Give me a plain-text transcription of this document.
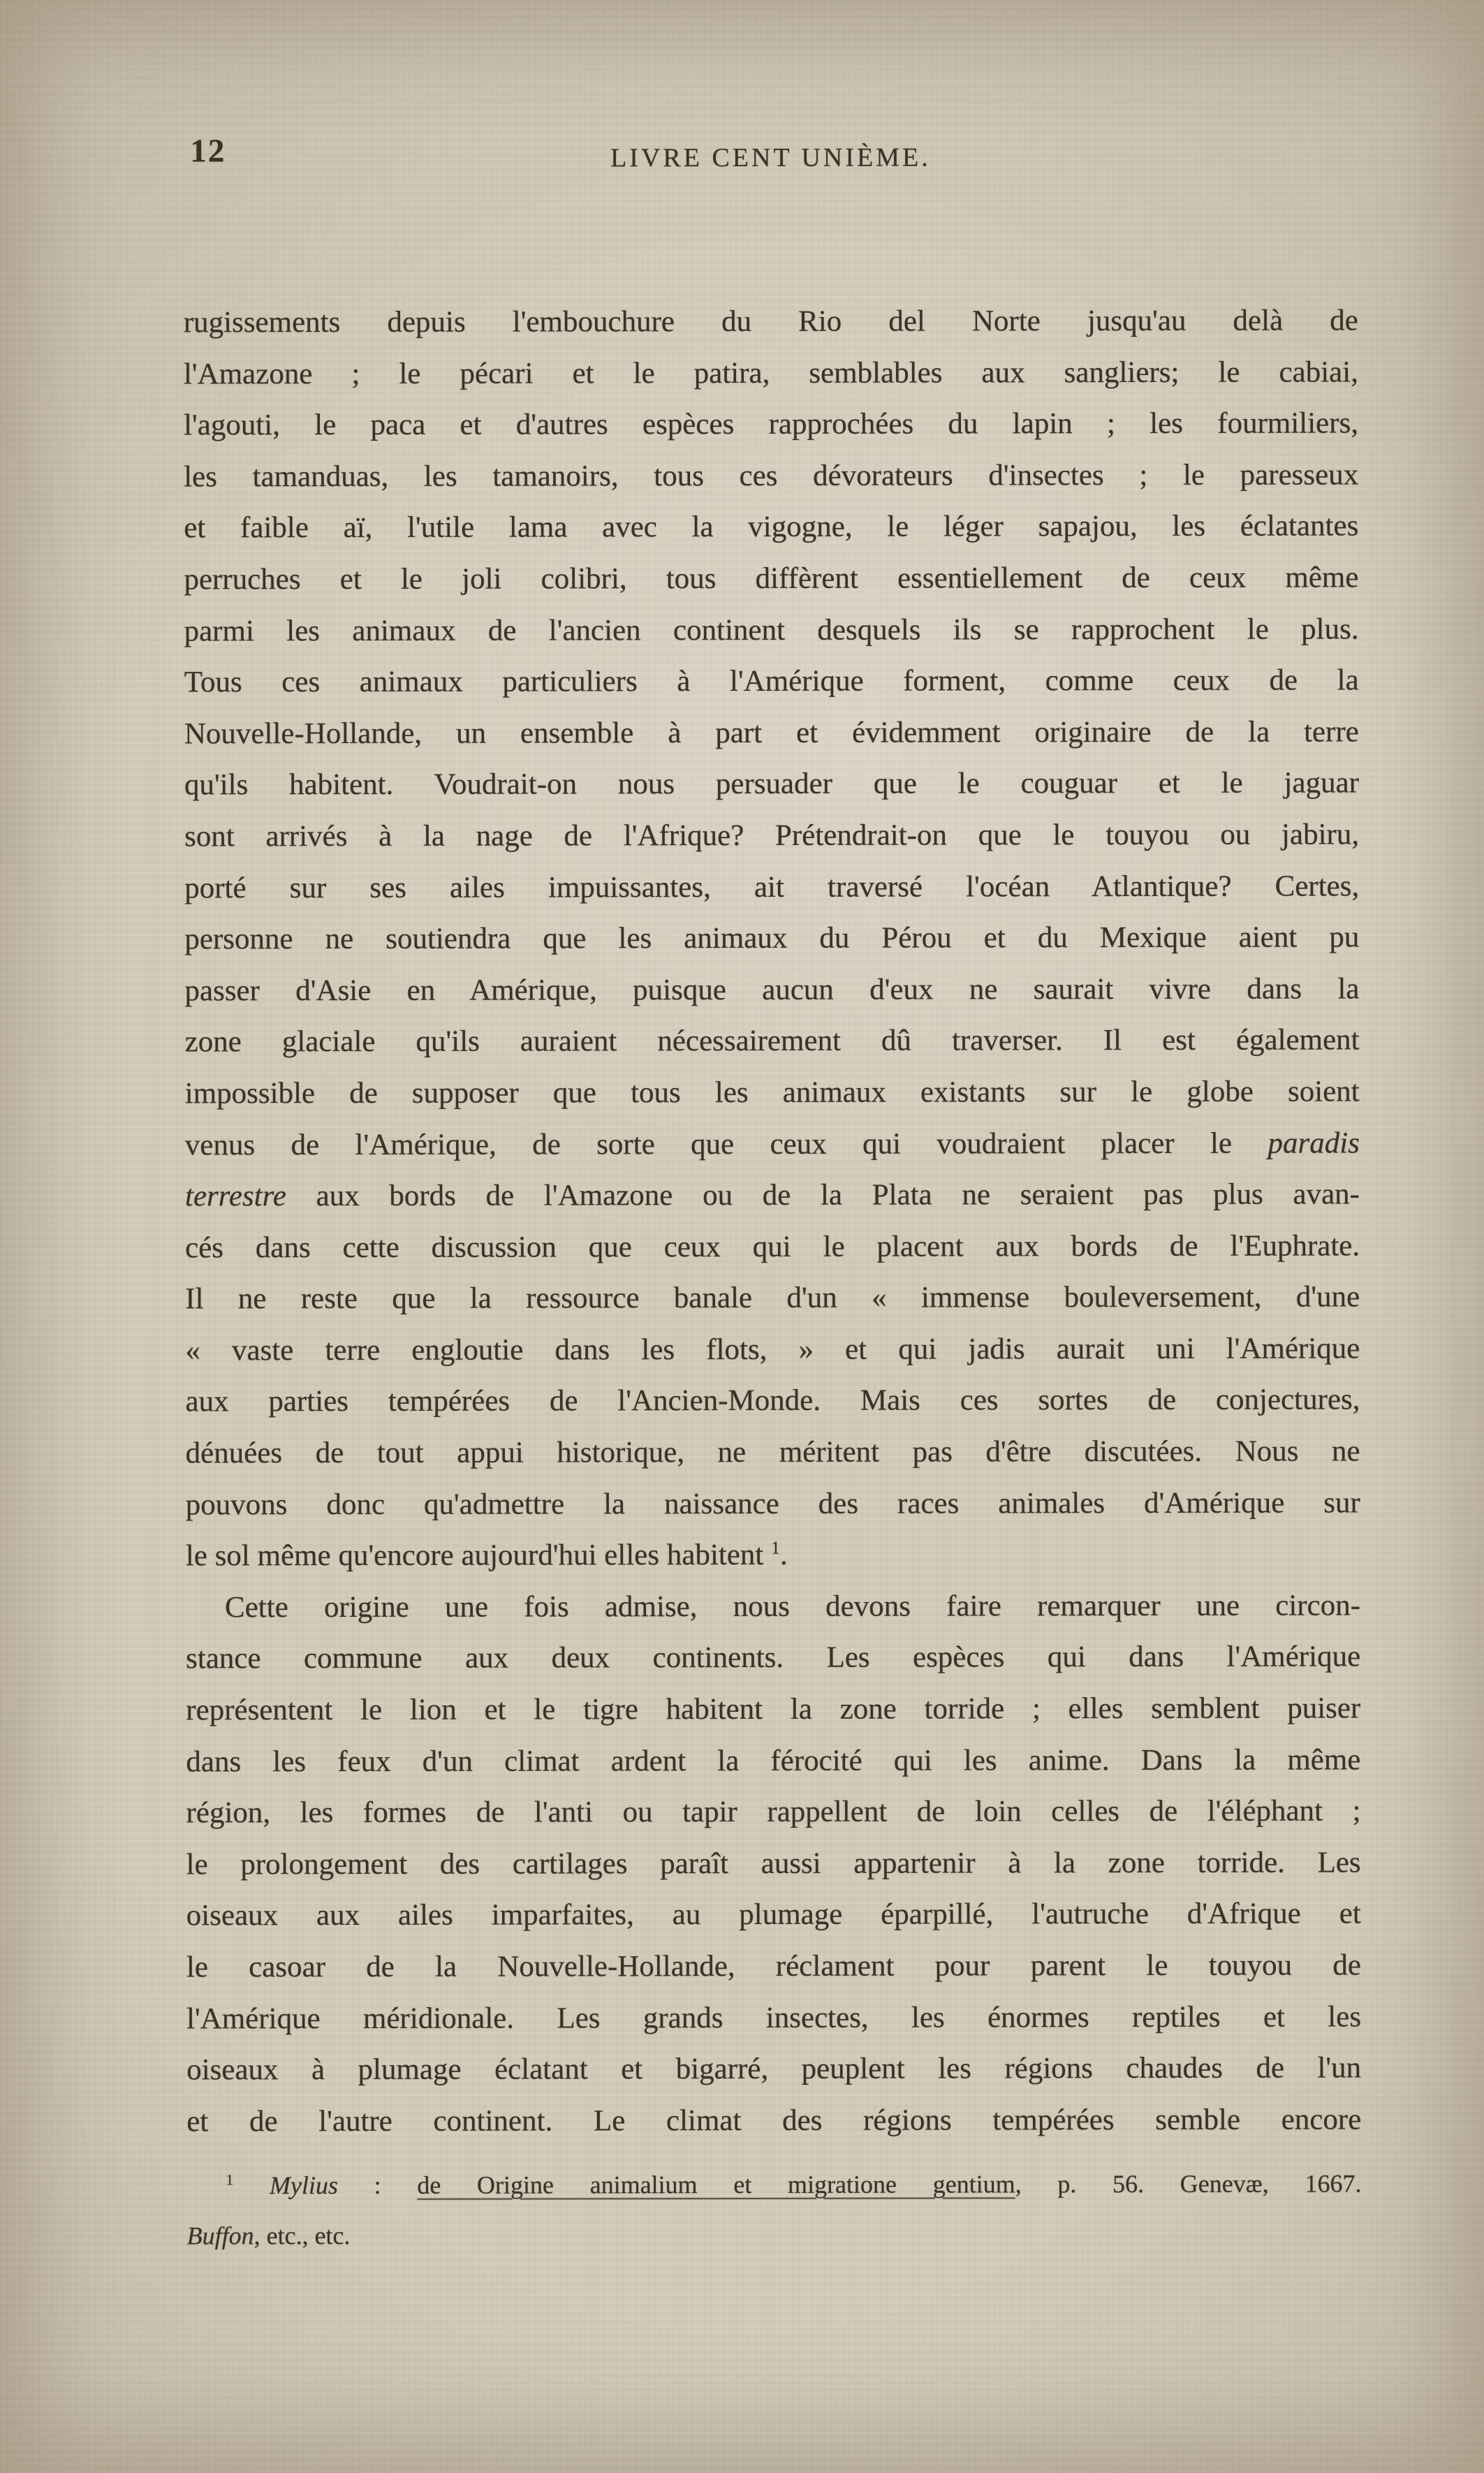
12	LIVRE CENT UNIÈME.
rugissements depuis l'embouchure du Rio del Norte jusqu'au delà de
l'Amazone ; le pécari et le patira, semblables aux sangliers; le cabiai,
l'agouti, le paca et d'autres espèces rapprochées du lapin ; les fourmiliers,
les tamanduas, les tamanoirs, tous ces dévorateurs d'insectes ; le paresseux
et faible aï, l'utile lama avec la vigogne, le léger sapajou, les éclatantes
perruches et le joli colibri, tous diffèrent essentiellement de ceux même
parmi les animaux de l'ancien continent desquels ils se rapprochent le plus.
Tous ces animaux particuliers à l'Amérique forment, comme ceux de la
Nouvelle-Hollande, un ensemble à part et évidemment originaire de la terre
qu'ils habitent. Voudrait-on nous persuader que le couguar et le jaguar
sont arrivés à la nage de l'Afrique? Prétendrait-on que le touyou ou jabiru,
porté sur ses ailes impuissantes, ait traversé l'océan Atlantique? Certes,
personne ne soutiendra que les animaux du Pérou et du Mexique aient pu
passer d'Asie en Amérique, puisque aucun d'eux ne saurait vivre dans la
zone glaciale qu'ils auraient nécessairement dû traverser. Il est également
impossible de supposer que tous les animaux existants sur le globe soient
venus de l'Amérique, de sorte que ceux qui voudraient placer le paradis
terrestre aux bords de l'Amazone ou de la Plata ne seraient pas plus avan-
cés dans cette discussion que ceux qui le placent aux bords de l'Euphrate.
Il ne reste que la ressource banale d'un « immense bouleversement, d'une
« vaste terre engloutie dans les flots, » et qui jadis aurait uni l'Amérique
aux parties tempérées de l'Ancien-Monde. Mais ces sortes de conjectures,
dénuées de tout appui historique, ne méritent pas d'être discutées. Nous ne
pouvons donc qu'admettre la naissance des races animales d'Amérique sur
le sol même qu'encore aujourd'hui elles habitent $^1$.
Cette origine une fois admise, nous devons faire remarquer une circon-
stance commune aux deux continents. Les espèces qui dans l'Amérique
représentent le lion et le tigre habitent la zone torride ; elles semblent puiser
dans les feux d'un climat ardent la férocité qui les anime. Dans la même
région, les formes de l'anti ou tapir rappellent de loin celles de l'éléphant ;
le prolongement des cartilages paraît aussi appartenir à la zone torride. Les
oiseaux aux ailes imparfaites, au plumage éparpillé, l'autruche d'Afrique et
le casoar de la Nouvelle-Hollande, réclament pour parent le touyou de
l'Amérique méridionale. Les grands insectes, les énormes reptiles et les
oiseaux à plumage éclatant et bigarré, peuplent les régions chaudes de l'un
et de l'autre continent. Le climat des régions tempérées semble encore
$^1$ Mylius : de Origine animalium et migratione gentium, p. 56. Genevæ, 1667.
Buffon, etc., etc.
